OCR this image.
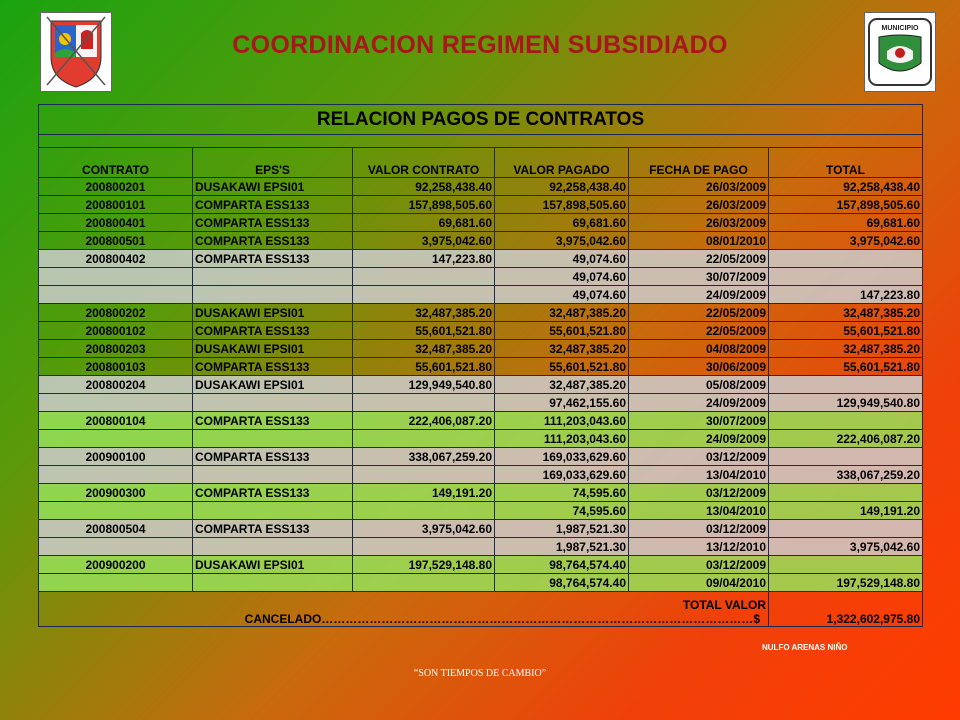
MUNICIPIO
COORDINACION REGIMEN SUBSIDIADO
RELACION PAGOS DE CONTRATOS					

CONTRATO	EPS'S	VALOR CONTRATO	VALOR PAGADO	FECHA DE PAGO	TOTAL
200800201	DUSAKAWI EPSI01	92,258,438.40	92,258,438.40	26/03/2009	92,258,438.40
200800101	COMPARTA ESS133	157,898,505.60	157,898,505.60	26/03/2009	157,898,505.60
200800401	COMPARTA ESS133	69,681.60	69,681.60	26/03/2009	69,681.60
200800501	COMPARTA ESS133	3,975,042.60	3,975,042.60	08/01/2010	3,975,042.60
200800402	COMPARTA ESS133	147,223.80	49,074.60	22/05/2009	
			49,074.60	30/07/2009	
			49,074.60	24/09/2009	147,223.80
200800202	DUSAKAWI EPSI01	32,487,385.20	32,487,385.20	22/05/2009	32,487,385.20
200800102	COMPARTA ESS133	55,601,521.80	55,601,521.80	22/05/2009	55,601,521.80
200800203	DUSAKAWI EPSI01	32,487,385.20	32,487,385.20	04/08/2009	32,487,385.20
200800103	COMPARTA ESS133	55,601,521.80	55,601,521.80	30/06/2009	55,601,521.80
200800204	DUSAKAWI EPSI01	129,949,540.80	32,487,385.20	05/08/2009	
			97,462,155.60	24/09/2009	129,949,540.80
200800104	COMPARTA ESS133	222,406,087.20	111,203,043.60	30/07/2009	
			111,203,043.60	24/09/2009	222,406,087.20
200900100	COMPARTA ESS133	338,067,259.20	169,033,629.60	03/12/2009	
			169,033,629.60	13/04/2010	338,067,259.20
200900300	COMPARTA ESS133	149,191.20	74,595.60	03/12/2009	
			74,595.60	13/04/2010	149,191.20
200800504	COMPARTA ESS133	3,975,042.60	1,987,521.30	03/12/2009	
			1,987,521.30	13/12/2010	3,975,042.60
200900200	DUSAKAWI EPSI01	197,529,148.80	98,764,574.40	03/12/2009	
			98,764,574.40	09/04/2010	197,529,148.80

TOTAL VALOR
CANCELADO………………………………………………………………………………………………$					1,322,602,975.80
NULFO ARENAS NIÑO
“SON TIEMPOS DE CAMBIO”
